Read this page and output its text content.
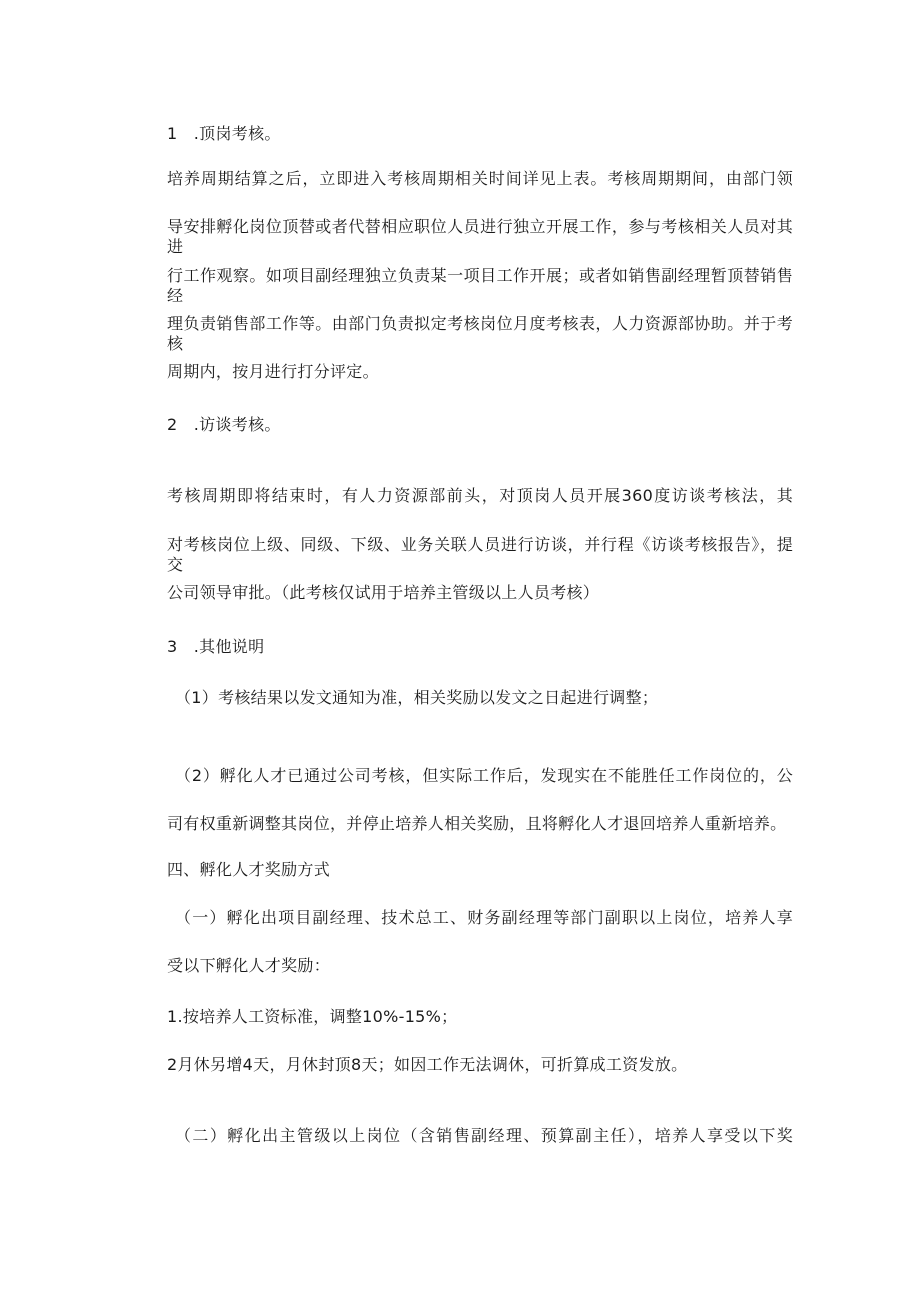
1　.顶岗考核。
培养周期结算之后，立即进入考核周期相关时间详见上表。考核周期期间，由部门领
导安排孵化岗位顶替或者代替相应职位人员进行独立开展工作，参与考核相关人员对其进
行工作观察。如项目副经理独立负责某一项目工作开展；或者如销售副经理暂顶替销售经
理负责销售部工作等。由部门负责拟定考核岗位月度考核表，人力资源部协助。并于考核
周期内，按月进行打分评定。
2　.访谈考核。
考核周期即将结束时，有人力资源部前头，对顶岗人员开展360度访谈考核法，其
对考核岗位上级、同级、下级、业务关联人员进行访谈，并行程《访谈考核报告》，提交
公司领导审批。（此考核仅试用于培养主管级以上人员考核）
3　.其他说明
（1）考核结果以发文通知为准，相关奖励以发文之日起进行调整；
（2）孵化人才已通过公司考核，但实际工作后，发现实在不能胜任工作岗位的，公
司有权重新调整其岗位，并停止培养人相关奖励，且将孵化人才退回培养人重新培养。
四、孵化人才奖励方式
（一）孵化出项目副经理、技术总工、财务副经理等部门副职以上岗位，培养人享
受以下孵化人才奖励：
1.按培养人工资标准，调整10%-15%；
2月休另增4天，月休封顶8天；如因工作无法调休，可折算成工资发放。
（二）孵化出主管级以上岗位（含销售副经理、预算副主任），培养人享受以下奖
